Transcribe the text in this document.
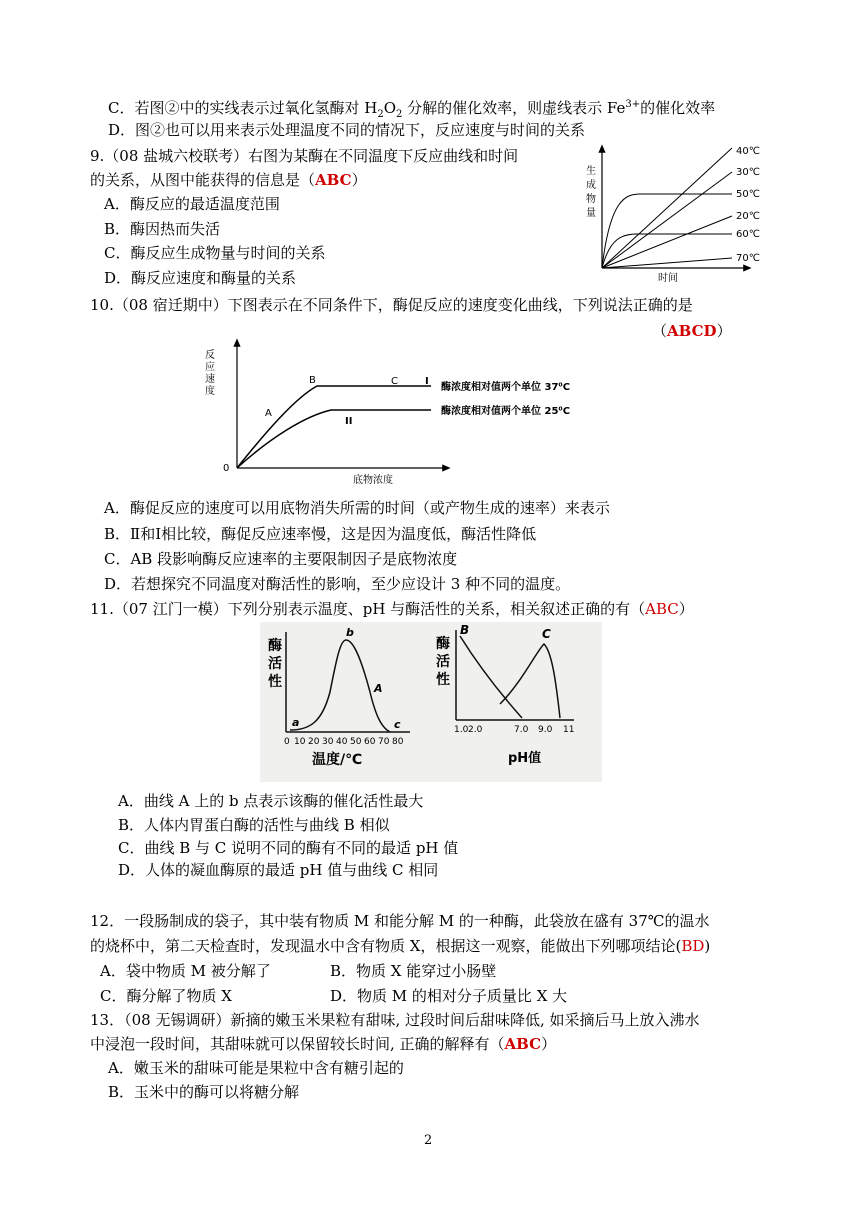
C．若图②中的实线表示过氧化氢酶对 $H_2O_2$ 分解的催化效率，则虚线表示 $Fe^{3+}$的催化效率
D．图②也可以用来表示处理温度不同的情况下，反应速度与时间的关系
9.（08 盐城六校联考）右图为某酶在不同温度下反应曲线和时间
的关系，从图中能获得的信息是（ABC）
A．酶反应的最适温度范围
B．酶因热而失活
C．酶反应生成物量与时间的关系
D．酶反应速度和酶量的关系
10.（08 宿迁期中）下图表示在不同条件下，酶促反应的速度变化曲线，下列说法正确的是
（ABCD）
A．酶促反应的速度可以用底物消失所需的时间（或产物生成的速率）来表示
B．Ⅱ和Ⅰ相比较，酶促反应速率慢，这是因为温度低，酶活性降低
C．AB 段影响酶反应速率的主要限制因子是底物浓度
D．若想探究不同温度对酶活性的影响，至少应设计 3 种不同的温度。
11.（07 江门一模）下列分别表示温度、pH 与酶活性的关系，相关叙述正确的有（ABC）
A．曲线 A 上的 b 点表示该酶的催化活性最大
B．人体内胃蛋白酶的活性与曲线 B 相似
C．曲线 B 与 C 说明不同的酶有不同的最适 pH 值
D．人体的凝血酶原的最适 pH 值与曲线 C 相同
12．一段肠制成的袋子，其中装有物质 M 和能分解 M 的一种酶，此袋放在盛有 37℃的温水
的烧杯中，第二天检查时，发现温水中含有物质 X，根据这一观察，能做出下列哪项结论(BD)
A．袋中物质 M 被分解了	B．物质 X 能穿过小肠壁
C．酶分解了物质 X	D．物质 M 的相对分子质量比 X 大
13．（08 无锡调研）新摘的嫩玉米果粒有甜味, 过段时间后甜味降低, 如采摘后马上放入沸水
中浸泡一段时间，其甜味就可以保留较长时间, 正确的解释有（ABC）
A．嫩玉米的甜味可能是果粒中含有糖引起的
B．玉米中的酶可以将糖分解
2
生
成
物
量
时间
40℃
30℃
50℃
20℃
60℃
70℃
反
应
速
度
0
底物浓度
A
B	C	I
II
酶浓度相对值两个单位 37⁰C
酶浓度相对值两个单位 25⁰C
酶
活
性
酶
活
性
0 10 20 30 40 50 60 70 80
a
b
A
c
温度/℃
1.0 2.0	7.0 9.0 11
B	C
pH值
